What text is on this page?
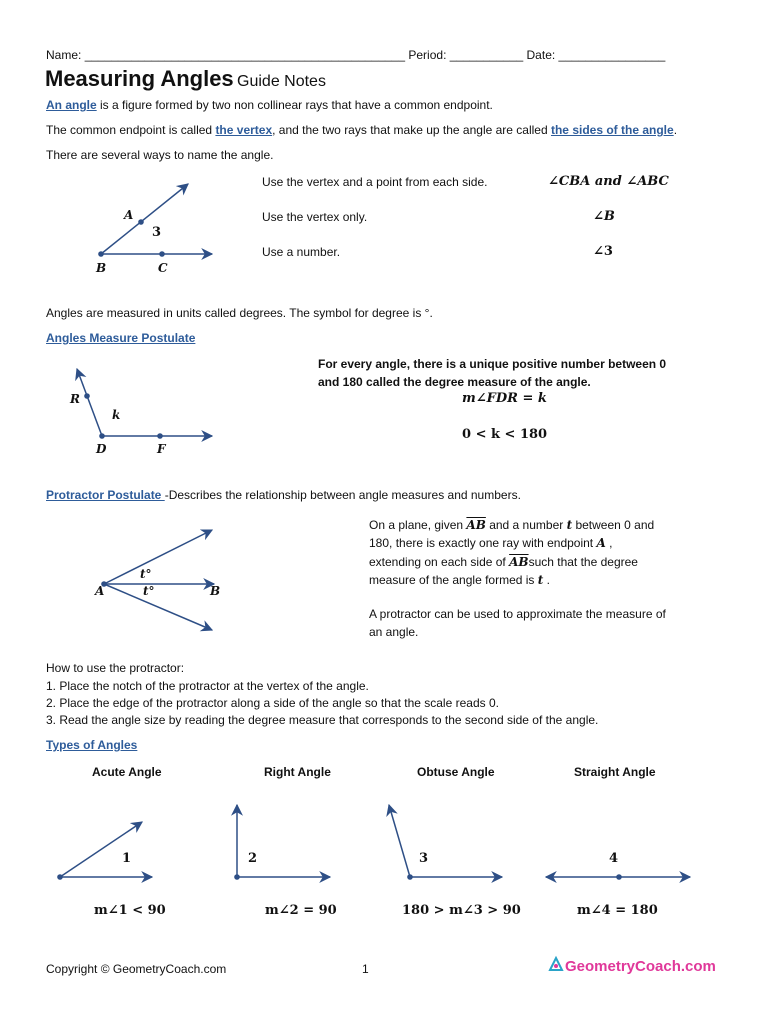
Name: ________________________________________________ Period: ___________ Date: ________________
Measuring Angles Guide Notes
An angle is a figure formed by two non collinear rays that have a common endpoint.
The common endpoint is called the vertex, and the two rays that make up the angle are called the sides of the angle.
There are several ways to name the angle.
A
B	C
3
R
D	F
k
A	B
t°
t°
1	2	3	4
Use the vertex and a point from each side.	∠CBA and ∠ABC
Use the vertex only.	∠B
Use a number.	∠3
Angles are measured in units called degrees. The symbol for degree is °.
Angles Measure Postulate
For every angle, there is a unique positive number between 0
and 180 called the degree measure of the angle.
m∠FDR = k
0 < k < 180
Protractor Postulate -Describes the relationship between angle measures and numbers.
On a plane, given $\overline{AB}$ and a number t between 0 and
180, there is exactly one ray with endpoint A ,
extending on each side of $\overline{AB}such$ that the degree
measure of the angle formed is t .
A protractor can be used to approximate the measure of
an angle.
How to use the protractor:
1. Place the notch of the protractor at the vertex of the angle.
2. Place the edge of the protractor along a side of the angle so that the scale reads 0.
3. Read the angle size by reading the degree measure that corresponds to the second side of the angle.
Types of Angles
Acute Angle	Right Angle	Obtuse Angle	Straight Angle
m∠1 < 90	m∠2 = 90	180 > m∠3 > 90	m∠4 = 180
Copyright © GeometryCoach.com	1	GeometryCoach.com
